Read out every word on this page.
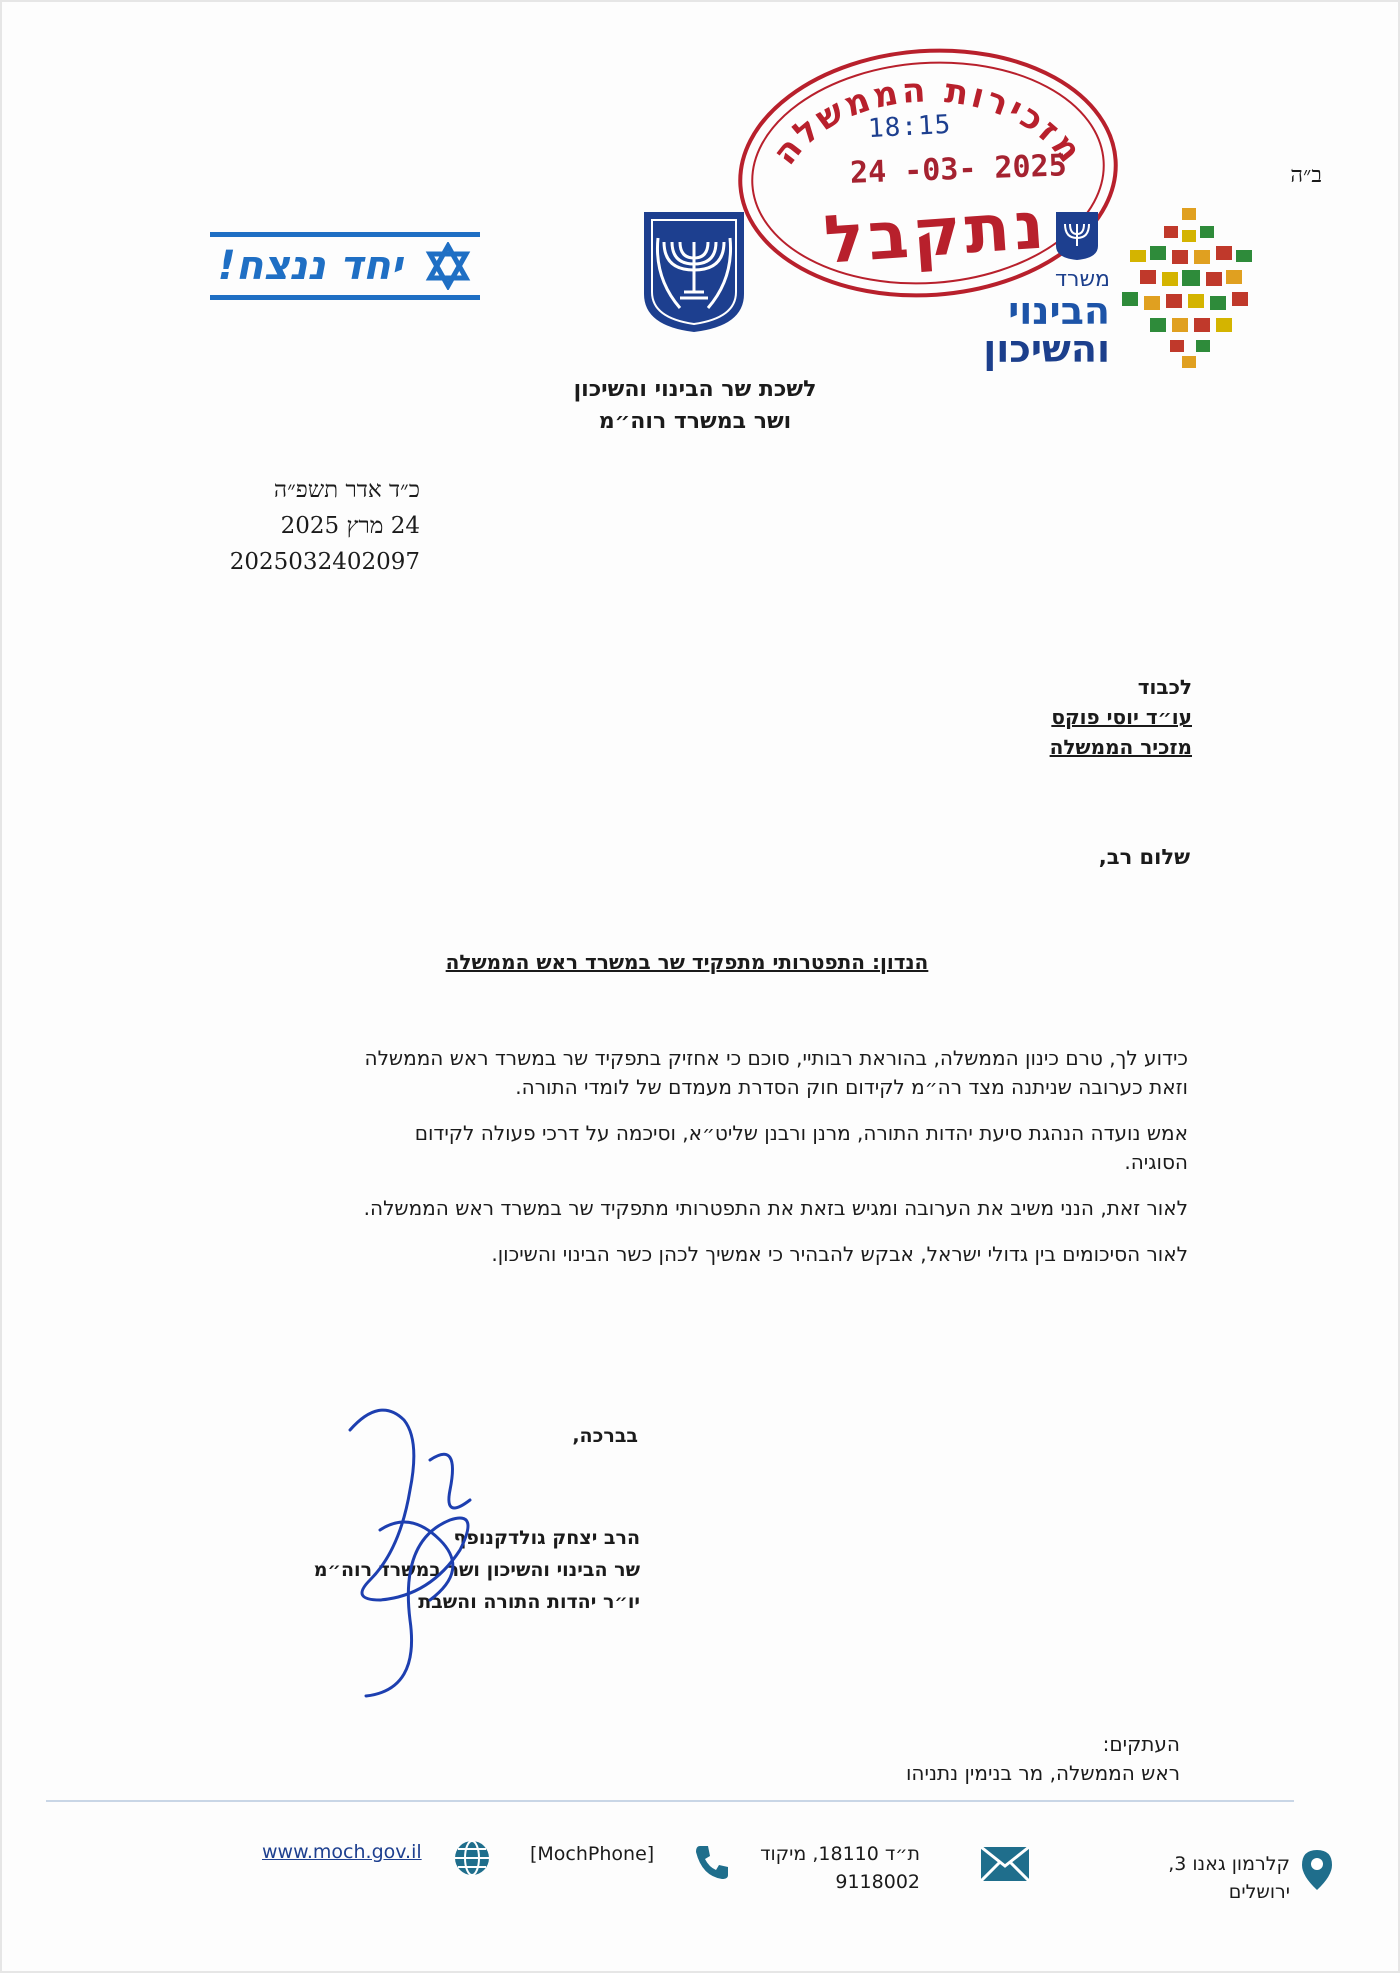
ב״ה
יחד ננצח!
מזכירות הממשלה
18:15
24 -03- 2025
נתקבל
משרד
הבינוי
והשיכון
לשכת שר הבינוי והשיכון
ושר במשרד רוה״מ
כ״ד אדר תשפ״ה
24 מרץ 2025
2025032402097
לכבוד
עו״ד יוסי פוקס
מזכיר הממשלה
שלום רב,
הנדון: התפטרותי מתפקיד שר במשרד ראש הממשלה

כידוע לך, טרם כינון הממשלה, בהוראת רבותיי, סוכם כי אחזיק בתפקיד שר במשרד ראש הממשלה
וזאת כערובה שניתנה מצד רה״מ לקידום חוק הסדרת מעמדם של לומדי התורה.

אמש נועדה הנהגת סיעת יהדות התורה, מרנן ורבנן שליט״א, וסיכמה על דרכי פעולה לקידום
הסוגיה.

לאור זאת, הנני משיב את הערובה ומגיש בזאת את התפטרותי מתפקיד שר במשרד ראש הממשלה.

לאור הסיכומים בין גדולי ישראל, אבקש להבהיר כי אמשיך לכהן כשר הבינוי והשיכון.

בברכה,
הרב יצחק גולדקנופף
שר הבינוי והשיכון ושר במשרד רוה״מ
יו״ר יהדות התורה והשבת
העתקים:
ראש הממשלה, מר בנימין נתניהו
קלרמון גאנו 3,
ירושלים
ת״ד 18110, מיקוד
9118002
[MochPhone]
www.moch.gov.il
